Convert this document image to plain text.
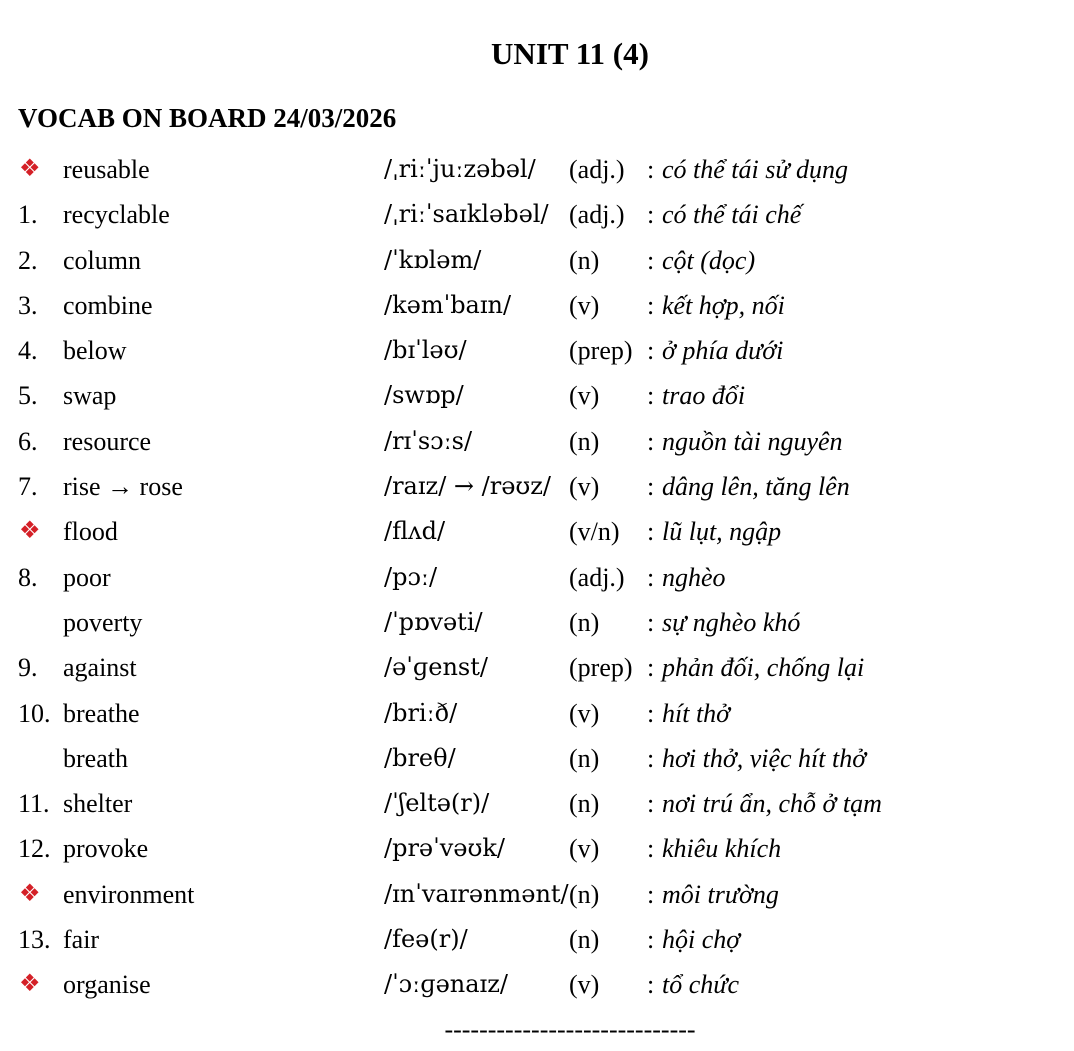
UNIT 11 (4)
VOCAB ON BOARD 24/03/2026
❖ reusable	/ˌriːˈjuːzəbəl/ (adj.) : có thể tái sử dụng
1. recyclable	/ˌriːˈsaɪkləbəl/ (adj.) : có thể tái chế
2. column	/ˈkɒləm/	(n) : cột (dọc)
3. combine	/kəmˈbaɪn/ (v) : kết hợp, nối
4. below	/bɪˈləʊ/	(prep) : ở phía dưới
5. swap	/swɒp/	(v) : trao đổi
6. resource	/rɪˈsɔːs/	(n) : nguồn tài nguyên
7. rise → rose	/raɪz/ → /rəʊz/ (v) : dâng lên, tăng lên
❖ flood	/flʌd/	(v/n) : lũ lụt, ngập
8. poor	/pɔː/	(adj.) : nghèo
poverty	/ˈpɒvəti/	(n) : sự nghèo khó
9. against	/əˈɡenst/	(prep) : phản đối, chống lại
10. breathe	/briːð/	(v) : hít thở
breath	/breθ/	(n) : hơi thở, việc hít thở
11. shelter	/ˈʃeltə(r)/	(n) : nơi trú ẩn, chỗ ở tạm
12. provoke	/prəˈvəʊk/ (v) : khiêu khích
❖ environment	/ɪnˈvaɪrənmənt/ (n) : môi trường
13. fair	/feə(r)/	(n) : hội chợ
❖ organise	/ˈɔːɡənaɪz/ (v) : tổ chức
-----------------------------
